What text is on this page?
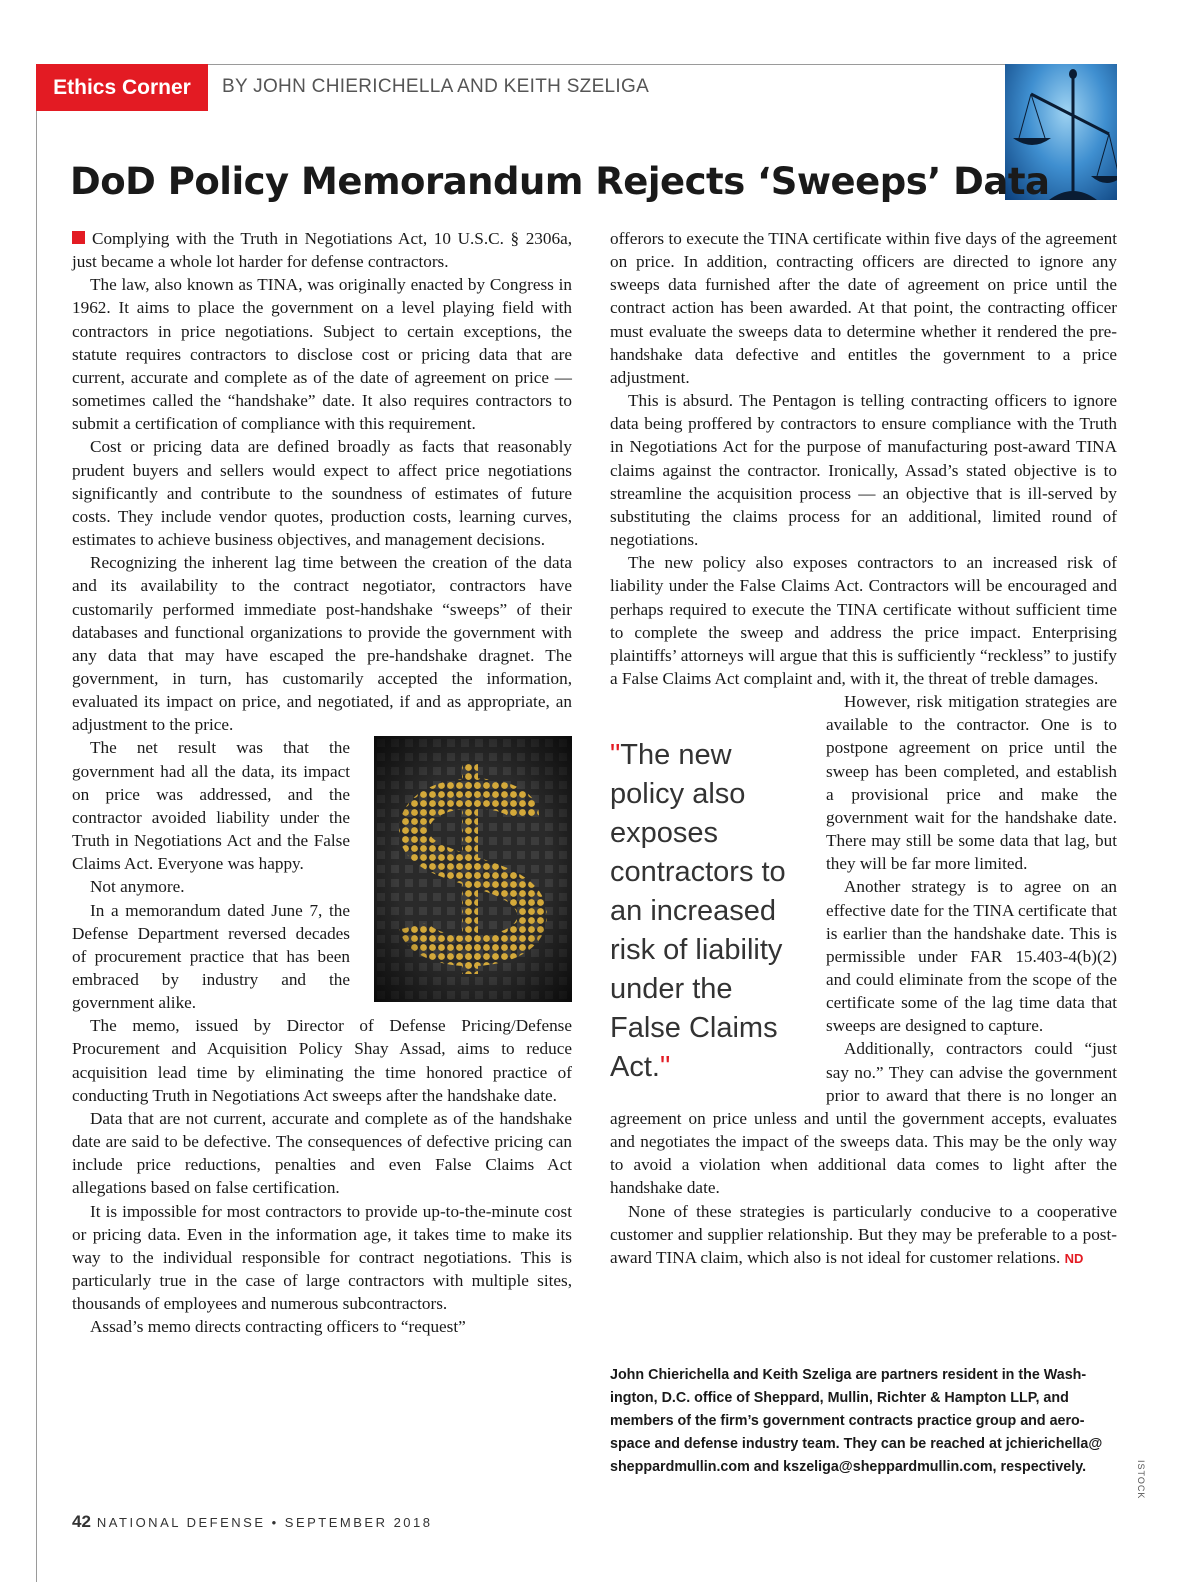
Ethics Corner BY JOHN CHIERICHELLA AND KEITH SZELIGA
DoD Policy Memorandum Rejects ‘Sweeps’ Data

Complying with the Truth in Negotiations Act, 10 U.S.C. § 2306a, just became a whole lot harder for defense contractors.

The law, also known as TINA, was originally enacted by Congress in 1962. It aims to place the government on a level playing field with contractors in price negotiations. Subject to certain exceptions, the statute requires contractors to disclose cost or pricing data that are current, accurate and complete as of the date of agreement on price — sometimes called the “handshake” date. It also requires contractors to submit a certification of compliance with this requirement.

Cost or pricing data are defined broadly as facts that reasonably prudent buyers and sellers would expect to affect price negotiations significantly and contribute to the soundness of estimates of future costs. They include vendor quotes, production costs, learning curves, estimates to achieve business objectives, and management decisions.

Recognizing the inherent lag time between the creation of the data and its availability to the contract negotiator, contractors have customarily performed immediate post-handshake “sweeps” of their databases and functional organizations to provide the government with any data that may have escaped the pre-handshake dragnet. The government, in turn, has customarily accepted the information, evaluated its impact on price, and negotiated, if and as appropriate, an adjustment to the price.

The net result was that the government had all the data, its impact on price was addressed, and the contractor avoided liability under the Truth in Negotiations Act and the False Claims Act. Everyone was happy.

Not anymore.

In a memorandum dated June 7, the Defense Department reversed decades of procurement practice that has been embraced by industry and the government alike.

The memo, issued by Director of Defense Pricing/Defense Procurement and Acquisition Policy Shay Assad, aims to reduce acquisition lead time by eliminating the time honored practice of conducting Truth in Negotiations Act sweeps after the handshake date.

Data that are not current, accurate and complete as of the handshake date are said to be defective. The consequences of defective pricing can include price reductions, penalties and even False Claims Act allegations based on false certification.

It is impossible for most contractors to provide up-to-the-minute cost or pricing data. Even in the information age, it takes time to make its way to the individual responsible for contract negotiations. This is particularly true in the case of large contractors with multiple sites, thousands of employees and numerous subcontractors.

Assad’s memo directs contracting officers to “request”

offerors to execute the TINA certificate within five days of the agreement on price. In addition, contracting officers are directed to ignore any sweeps data furnished after the date of agreement on price until the contract action has been awarded. At that point, the contracting officer must evaluate the sweeps data to determine whether it rendered the pre-handshake data defective and entitles the government to a price adjustment.

This is absurd. The Pentagon is telling contracting officers to ignore data being proffered by contractors to ensure compliance with the Truth in Negotiations Act for the purpose of manufacturing post-award TINA claims against the contractor. Ironically, Assad’s stated objective is to streamline the acquisition process — an objective that is ill-served by substituting the claims process for an additional, limited round of negotiations.

The new policy also exposes contractors to an increased risk of liability under the False Claims Act. Contractors will be encouraged and perhaps required to execute the TINA certificate without sufficient time to complete the sweep and address the price impact. Enterprising plaintiffs’ attorneys will argue that this is sufficiently “reckless” to justify a False Claims Act complaint and, with it, the threat of treble damages.

"The new policy also exposes contractors to an increased risk of liability under the False Claims Act."

However, risk mitigation strategies are available to the contractor. One is to postpone agreement on price until the sweep has been completed, and establish a provisional price and make the government wait for the handshake date. There may still be some data that lag, but they will be far more limited.

Another strategy is to agree on an effective date for the TINA certificate that is earlier than the handshake date. This is permissible under FAR 15.403-4(b)(2) and could eliminate from the scope of the certificate some of the lag time data that sweeps are designed to capture.

Additionally, contractors could “just say no.” They can advise the government prior to award that there is no longer an agreement on price unless and until the government accepts, evaluates and negotiates the impact of the sweeps data. This may be the only way to avoid a violation when additional data comes to light after the handshake date.

None of these strategies is particularly conducive to a cooperative customer and supplier relationship. But they may be preferable to a post-award TINA claim, which also is not ideal for customer relations. ND

John Chierichella and Keith Szeliga are partners resident in the Washington, D.C. office of Sheppard, Mullin, Richter & Hampton LLP, and members of the firm’s government contracts practice group and aerospace and defense industry team. They can be reached at jchierichella@ sheppardmullin.com and kszeliga@sheppardmullin.com, respectively.	ISTOCK
42 NATIONAL DEFENSE • SEPTEMBER 2018
